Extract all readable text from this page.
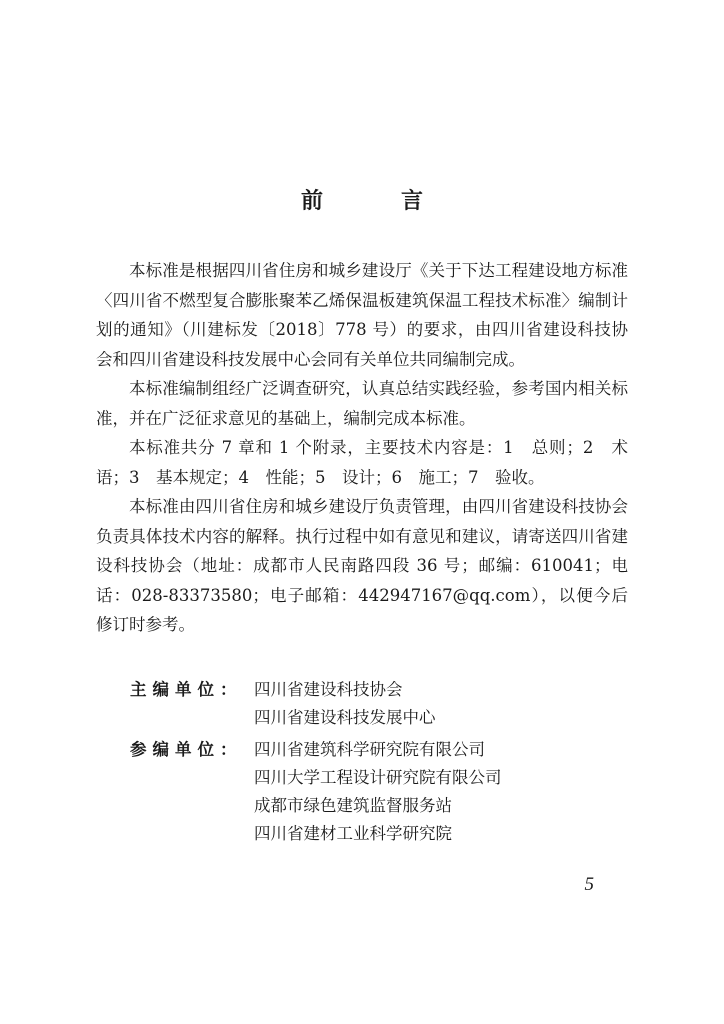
前　言

本标准是根据四川省住房和城乡建设厅《关于下达工程建设地方标准〈四川省不燃型复合膨胀聚苯乙烯保温板建筑保温工程技术标准〉编制计划的通知》（川建标发〔2018〕778 号）的要求，由四川省建设科技协会和四川省建设科技发展中心会同有关单位共同编制完成。

本标准编制组经广泛调查研究，认真总结实践经验，参考国内相关标准，并在广泛征求意见的基础上，编制完成本标准。

本标准共分 7 章和 1 个附录，主要技术内容是：1　总则；2　术语；3　基本规定；4　性能；5　设计；6　施工；7　验收。

本标准由四川省住房和城乡建设厅负责管理，由四川省建设科技协会负责具体技术内容的解释。执行过程中如有意见和建议，请寄送四川省建设科技协会（地址：成都市人民南路四段 36 号；邮编：610041；电话：028-83373580；电子邮箱：442947167@qq.com），以便今后修订时参考。

主编单位： 四川省建设科技协会
四川省建设科技发展中心
参编单位： 四川省建筑科学研究院有限公司
四川大学工程设计研究院有限公司
成都市绿色建筑监督服务站
四川省建材工业科学研究院
5
